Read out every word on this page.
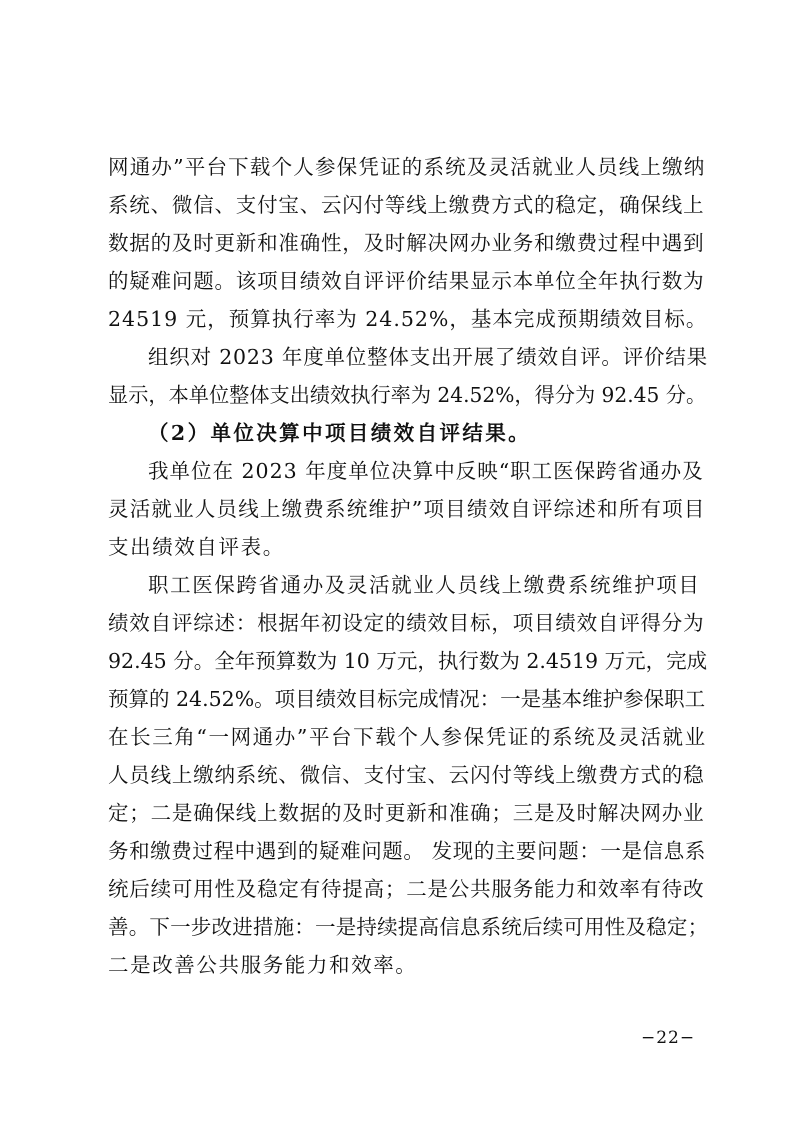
网通办”平台下载个人参保凭证的系统及灵活就业人员线上缴纳
系统、微信、支付宝、云闪付等线上缴费方式的稳定，确保线上
数据的及时更新和准确性，及时解决网办业务和缴费过程中遇到
的疑难问题。该项目绩效自评评价结果显示本单位全年执行数为
24519 元，预算执行率为 24.52%，基本完成预期绩效目标。
组织对 2023 年度单位整体支出开展了绩效自评。评价结果
显示，本单位整体支出绩效执行率为 24.52%，得分为 92.45 分。
（2）单位决算中项目绩效自评结果。
我单位在 2023 年度单位决算中反映“职工医保跨省通办及
灵活就业人员线上缴费系统维护”项目绩效自评综述和所有项目
支出绩效自评表。
职工医保跨省通办及灵活就业人员线上缴费系统维护项目
绩效自评综述：根据年初设定的绩效目标，项目绩效自评得分为
92.45 分。全年预算数为 10 万元，执行数为 2.4519 万元，完成
预算的 24.52%。项目绩效目标完成情况：一是基本维护参保职工
在长三角“一网通办”平台下载个人参保凭证的系统及灵活就业
人员线上缴纳系统、微信、支付宝、云闪付等线上缴费方式的稳
定；二是确保线上数据的及时更新和准确；三是及时解决网办业
务和缴费过程中遇到的疑难问题。 发现的主要问题：一是信息系
统后续可用性及稳定有待提高；二是公共服务能力和效率有待改
善。下一步改进措施：一是持续提高信息系统后续可用性及稳定；
二是改善公共服务能力和效率。
−22−
